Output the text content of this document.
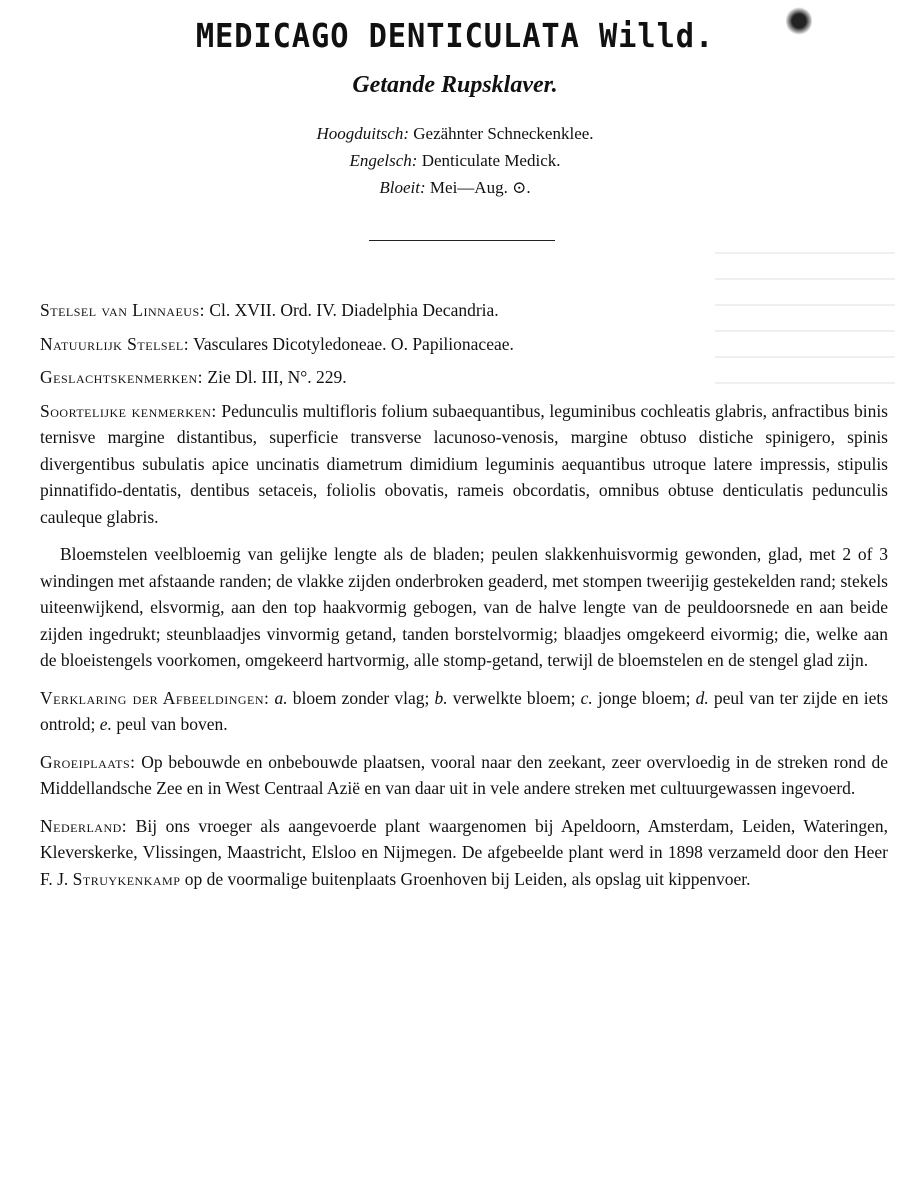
MEDICAGO DENTICULATA Willd.
Getande Rupsklaver.
Hoogduitsch: Gezähnter Schneckenklee.
Engelsch: Denticulate Medick.
Bloeit: Mei—Aug. ⊙.

Stelsel van Linnaeus: Cl. XVII. Ord. IV. Diadelphia Decandria.

Natuurlijk Stelsel: Vasculares Dicotyledoneae. O. Papilionaceae.

Geslachtskenmerken: Zie Dl. III, N°. 229.

Soortelijke kenmerken: Pedunculis multifloris folium subaequantibus, leguminibus cochleatis glabris, anfractibus binis ternisve margine distantibus, superficie transverse lacunoso-venosis, margine obtuso distiche spinigero, spinis divergentibus subulatis apice uncinatis diametrum dimidium leguminis aequantibus utroque latere impressis, stipulis pinnatifido-dentatis, dentibus setaceis, foliolis obovatis, rameis obcordatis, omnibus obtuse denticulatis pedunculis cauleque glabris.

Bloemstelen veelbloemig van gelijke lengte als de bladen; peulen slakkenhuisvormig gewonden, glad, met 2 of 3 windingen met afstaande randen; de vlakke zijden onderbroken geaderd, met stompen tweerijig gestekelden rand; stekels uiteenwijkend, elsvormig, aan den top haakvormig gebogen, van de halve lengte van de peuldoorsnede en aan beide zijden ingedrukt; steunblaadjes vinvormig getand, tanden borstelvormig; blaadjes omgekeerd eivormig; die, welke aan de bloeistengels voorkomen, omgekeerd hartvormig, alle stomp-getand, terwijl de bloemstelen en de stengel glad zijn.

Verklaring der Afbeeldingen: a. bloem zonder vlag; b. verwelkte bloem; c. jonge bloem; d. peul van ter zijde en iets ontrold; e. peul van boven.

Groeiplaats: Op bebouwde en onbebouwde plaatsen, vooral naar den zeekant, zeer overvloedig in de streken rond de Middellandsche Zee en in West Centraal Azië en van daar uit in vele andere streken met cultuurgewassen ingevoerd.

Nederland: Bij ons vroeger als aangevoerde plant waargenomen bij Apeldoorn, Amsterdam, Leiden, Wateringen, Kleverskerke, Vlissingen, Maastricht, Elsloo en Nijmegen. De afgebeelde plant werd in 1898 verzameld door den Heer F. J. Struykenkamp op de voormalige buitenplaats Groenhoven bij Leiden, als opslag uit kippenvoer.
